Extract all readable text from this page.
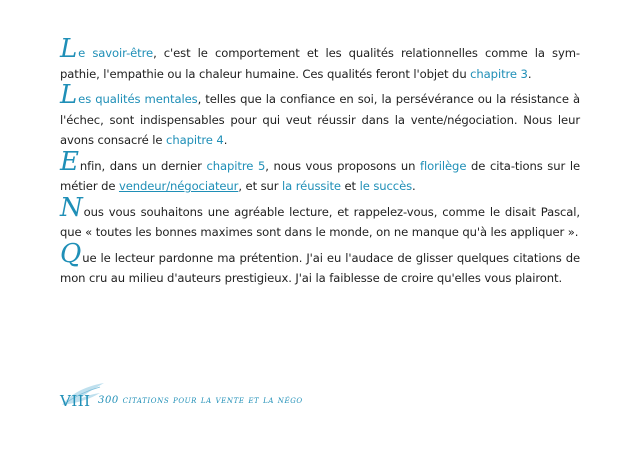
Le savoir-être, c'est le comportement et les qualités relationnelles comme la sym-pathie, l'empathie ou la chaleur humaine. Ces qualités feront l'objet du chapitre 3.

Les qualités mentales, telles que la confiance en soi, la persévérance ou la résistance à l'échec, sont indispensables pour qui veut réussir dans la vente/négociation. Nous leur avons consacré le chapitre 4.

Enfin, dans un dernier chapitre 5, nous vous proposons un florilège de cita-tions sur le métier de vendeur/négociateur, et sur la réussite et le succès.

Nous vous souhaitons une agréable lecture, et rappelez-vous, comme le disait Pascal, que « toutes les bonnes maximes sont dans le monde, on ne manque qu'à les appliquer ».

Que le lecteur pardonne ma prétention. J'ai eu l'audace de glisser quelques citations de mon cru au milieu d'auteurs prestigieux. J'ai la faiblesse de croire qu'elles vous plairont.

VIII 300 citations pour la vente et la négo
